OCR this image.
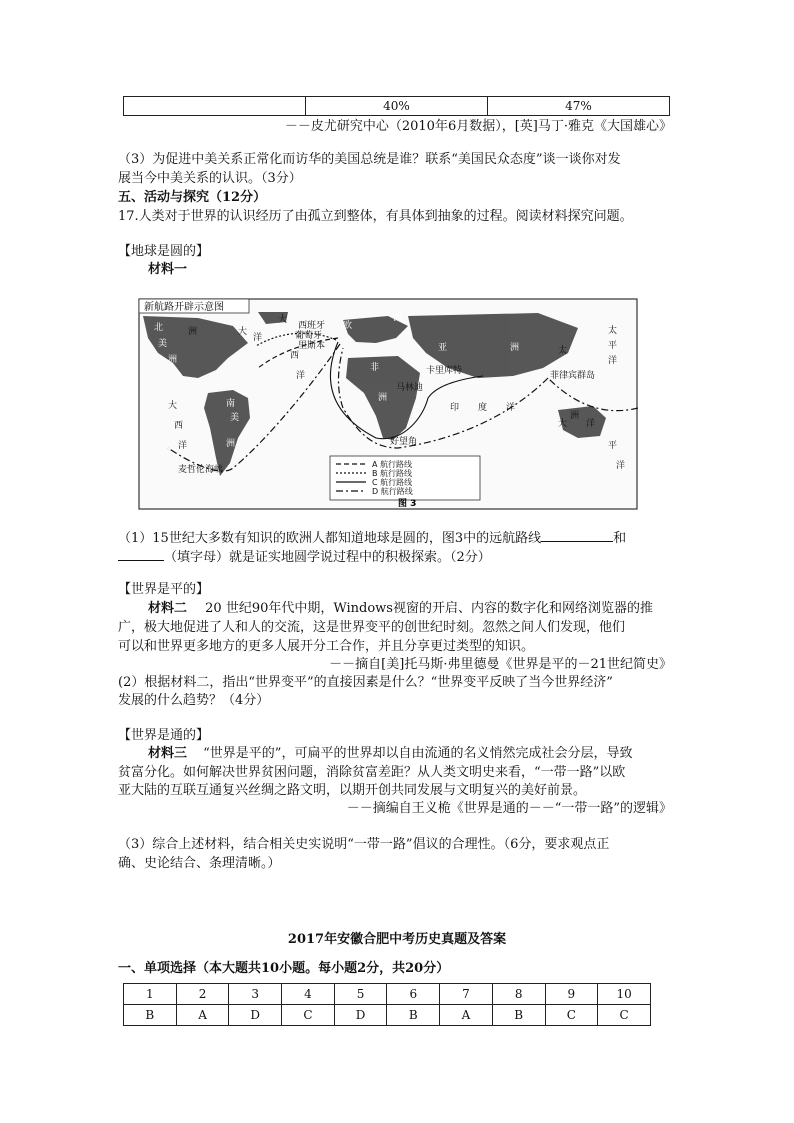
	40%	47%
－－皮尤研究中心（2010年6月数据），[英]马丁·雅克《大国雄心》
（3）为促进中美关系正常化而访华的美国总统是谁？联系“美国民众态度”谈一谈你对发
展当今中美关系的认识。（3分）
五、活动与探究（12分）
17.人类对于世界的认识经历了由孤立到整体，有具体到抽象的过程。阅读材料探究问题。
【地球是圆的】
材料一
新航路开辟示意图
西班牙
葡萄牙
里斯本
欧
洲
亚	洲
大
西
洋
北
美
洲
非
洲
南
美
洲
大
西
洋
卡里库特
马林迪
好望角
菲律宾群岛
印 度 洋
太
平
洋
太
平
洋
大 洋
洲
大
洋
洲
麦哲伦海峡
A 航行路线
B 航行路线
C 航行路线
D 航行路线
图 3
（1）15世纪大多数有知识的欧洲人都知道地球是圆的，图3中的远航路线	和
（填字母）就是证实地圆学说过程中的积极探索。（2分）
【世界是平的】
材料二 20 世纪90年代中期，Windows视窗的开启、内容的数字化和网络浏览器的推
广，极大地促进了人和人的交流，这是世界变平的创世纪时刻。忽然之间人们发现，他们
可以和世界更多地方的更多人展开分工合作，并且分享更过类型的知识。
－－摘自[美]托马斯·弗里德曼《世界是平的－21世纪简史》
(2）根据材料二，指出“世界变平”的直接因素是什么？“世界变平反映了当今世界经济”
发展的什么趋势？（4分）
【世界是通的】
材料三 “世界是平的”，可扁平的世界却以自由流通的名义悄然完成社会分层，导致
贫富分化。如何解决世界贫困问题，消除贫富差距？从人类文明史来看，“一带一路”以欧
亚大陆的互联互通复兴丝绸之路文明，以期开创共同发展与文明复兴的美好前景。
－－摘编自王义桅《世界是通的－－“一带一路”的逻辑》
（3）综合上述材料，结合相关史实说明“一带一路”倡议的合理性。（6分，要求观点正
确、史论结合、条理清晰。）
2017年安徽合肥中考历史真题及答案
一、单项选择（本大题共10小题。每小题2分，共20分）
1	2	3	4	5	6	7	8	9	10
B	A	D	C	D	B	A	B	C	C
